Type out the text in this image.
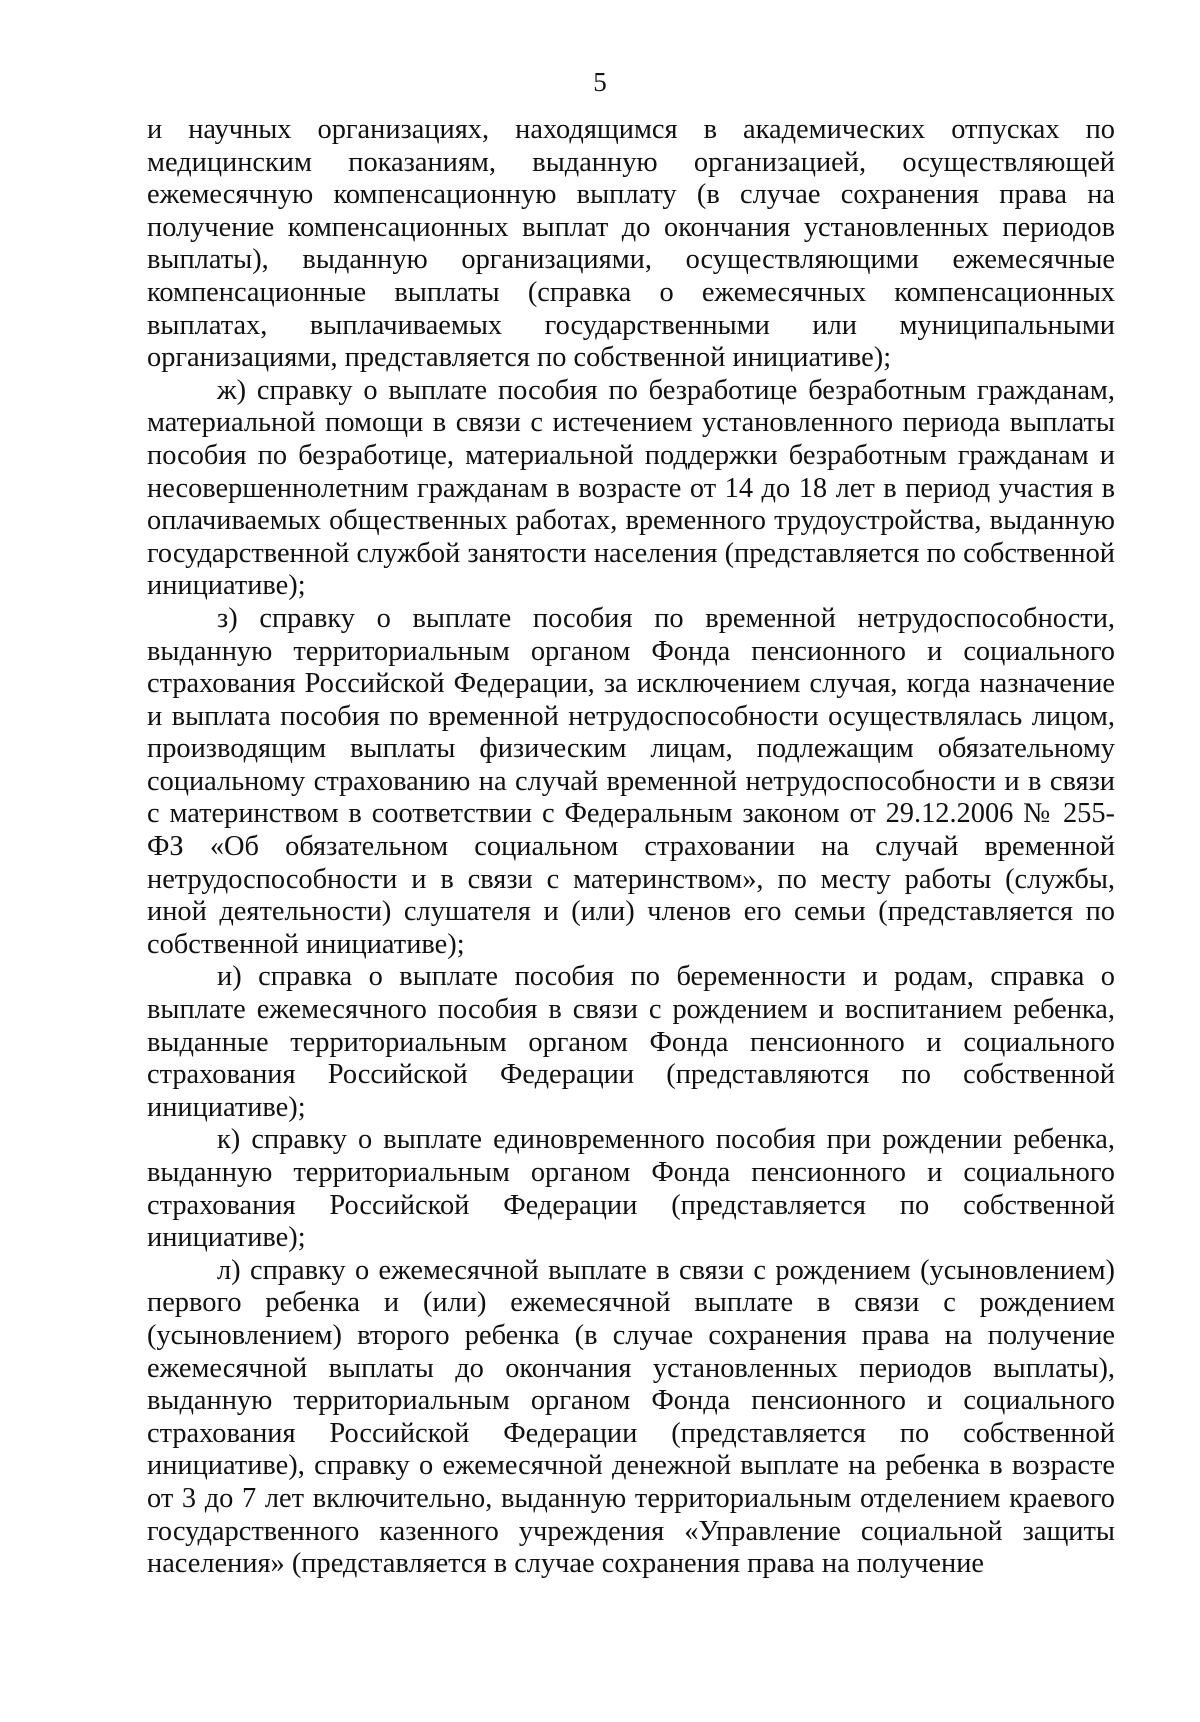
5

и научных организациях, находящимся в академических отпусках по медицинским показаниям, выданную организацией, осуществляющей ежемесячную компенсационную выплату (в случае сохранения права на получение компенсационных выплат до окончания установленных периодов выплаты), выданную организациями, осуществляющими ежемесячные компенсационные выплаты (справка о ежемесячных компенсационных выплатах, выплачиваемых государственными или муниципальными организациями, представляется по собственной инициативе);

ж) справку о выплате пособия по безработице безработным гражданам, материальной помощи в связи с истечением установленного периода выплаты пособия по безработице, материальной поддержки безработным гражданам и несовершеннолетним гражданам в возрасте от 14 до 18 лет в период участия в оплачиваемых общественных работах, временного трудоустройства, выданную государственной службой занятости населения (представляется по собственной инициативе);

з) справку о выплате пособия по временной нетрудоспособности, выданную территориальным органом Фонда пенсионного и социального страхования Российской Федерации, за исключением случая, когда назначение и выплата пособия по временной нетрудоспособности осуществлялась лицом, производящим выплаты физическим лицам, подлежащим обязательному социальному страхованию на случай временной нетрудоспособности и в связи с материнством в соответствии с Федеральным законом от 29.12.2006 № 255-ФЗ «Об обязательном социальном страховании на случай временной нетрудоспособности и в связи с материнством», по месту работы (службы, иной деятельности) слушателя и (или) членов его семьи (представляется по собственной инициативе);

и) справка о выплате пособия по беременности и родам, справка о выплате ежемесячного пособия в связи с рождением и воспитанием ребенка, выданные территориальным органом Фонда пенсионного и социального страхования Российской Федерации (представляются по собственной инициативе);

к) справку о выплате единовременного пособия при рождении ребенка, выданную территориальным органом Фонда пенсионного и социального страхования Российской Федерации (представляется по собственной инициативе);

л) справку о ежемесячной выплате в связи с рождением (усыновлением) первого ребенка и (или) ежемесячной выплате в связи с рождением (усыновлением) второго ребенка (в случае сохранения права на получение ежемесячной выплаты до окончания установленных периодов выплаты), выданную территориальным органом Фонда пенсионного и социального страхования Российской Федерации (представляется по собственной инициативе), справку о ежемесячной денежной выплате на ребенка в возрасте от 3 до 7 лет включительно, выданную территориальным отделением краевого государственного казенного учреждения «Управление социальной защиты населения» (представляется в случае сохранения права на получение
